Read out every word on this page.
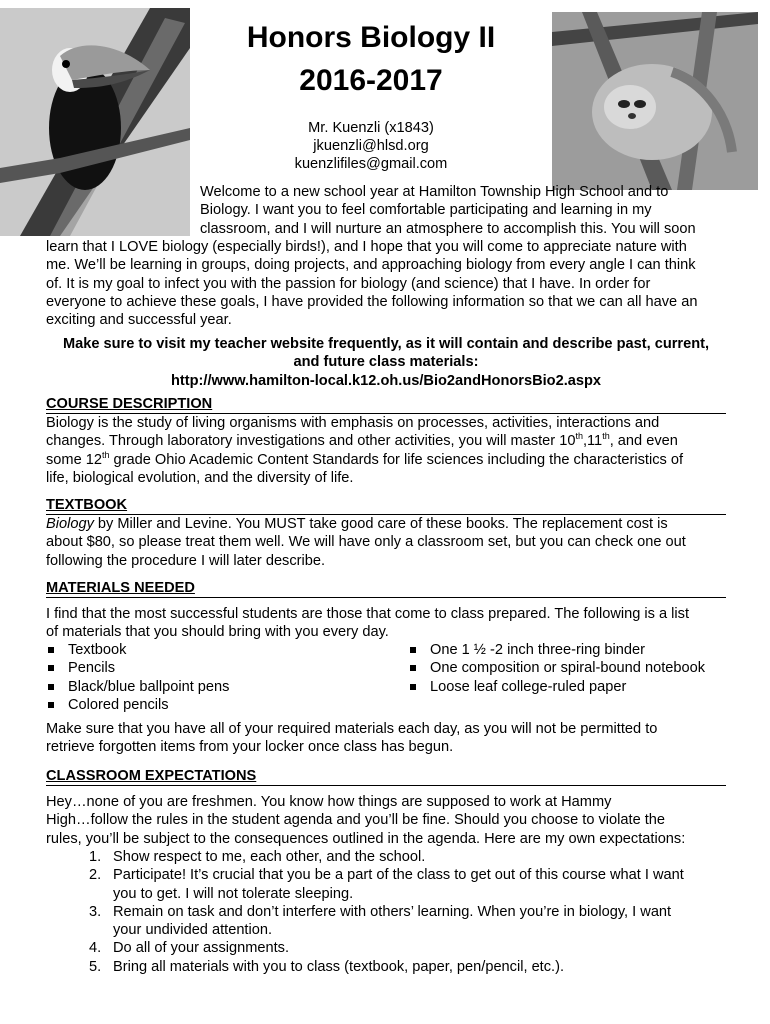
Honors Biology II
2016-2017
Mr. Kuenzli (x1843)
jkuenzli@hlsd.org
kuenzlifiles@gmail.com
Welcome to a new school year at Hamilton Township High School and to
Biology. I want you to feel comfortable participating and learning in my
classroom, and I will nurture an atmosphere to accomplish this. You will soon
learn that I LOVE biology (especially birds!), and I hope that you will come to appreciate nature with
me. We’ll be learning in groups, doing projects, and approaching biology from every angle I can think
of. It is my goal to infect you with the passion for biology (and science) that I have. In order for
everyone to achieve these goals, I have provided the following information so that we can all have an
exciting and successful year.
Make sure to visit my teacher website frequently, as it will contain and describe past, current,
and future class materials:
http://www.hamilton-local.k12.oh.us/Bio2andHonorsBio2.aspx
COURSE DESCRIPTION
Biology is the study of living organisms with emphasis on processes, activities, interactions and
changes. Through laboratory investigations and other activities, you will master 10th,11th, and even
some 12th grade Ohio Academic Content Standards for life sciences including the characteristics of
life, biological evolution, and the diversity of life.
TEXTBOOK
Biology by Miller and Levine. You MUST take good care of these books. The replacement cost is
about $80, so please treat them well. We will have only a classroom set, but you can check one out
following the procedure I will later describe.
MATERIALS NEEDED
I find that the most successful students are those that come to class prepared. The following is a list
of materials that you should bring with you every day.
Textbook
Pencils
Black/blue ballpoint pens
Colored pencils
One 1 ½ -2 inch three-ring binder
One composition or spiral-bound notebook
Loose leaf college-ruled paper
Make sure that you have all of your required materials each day, as you will not be permitted to
retrieve forgotten items from your locker once class has begun.
CLASSROOM EXPECTATIONS
Hey…none of you are freshmen. You know how things are supposed to work at Hammy
High…follow the rules in the student agenda and you’ll be fine. Should you choose to violate the
rules, you’ll be subject to the consequences outlined in the agenda. Here are my own expectations:
1. Show respect to me, each other, and the school.
2. Participate! It’s crucial that you be a part of the class to get out of this course what I want
you to get. I will not tolerate sleeping.
3. Remain on task and don’t interfere with others’ learning. When you’re in biology, I want
your undivided attention.
4. Do all of your assignments.
5. Bring all materials with you to class (textbook, paper, pen/pencil, etc.).
